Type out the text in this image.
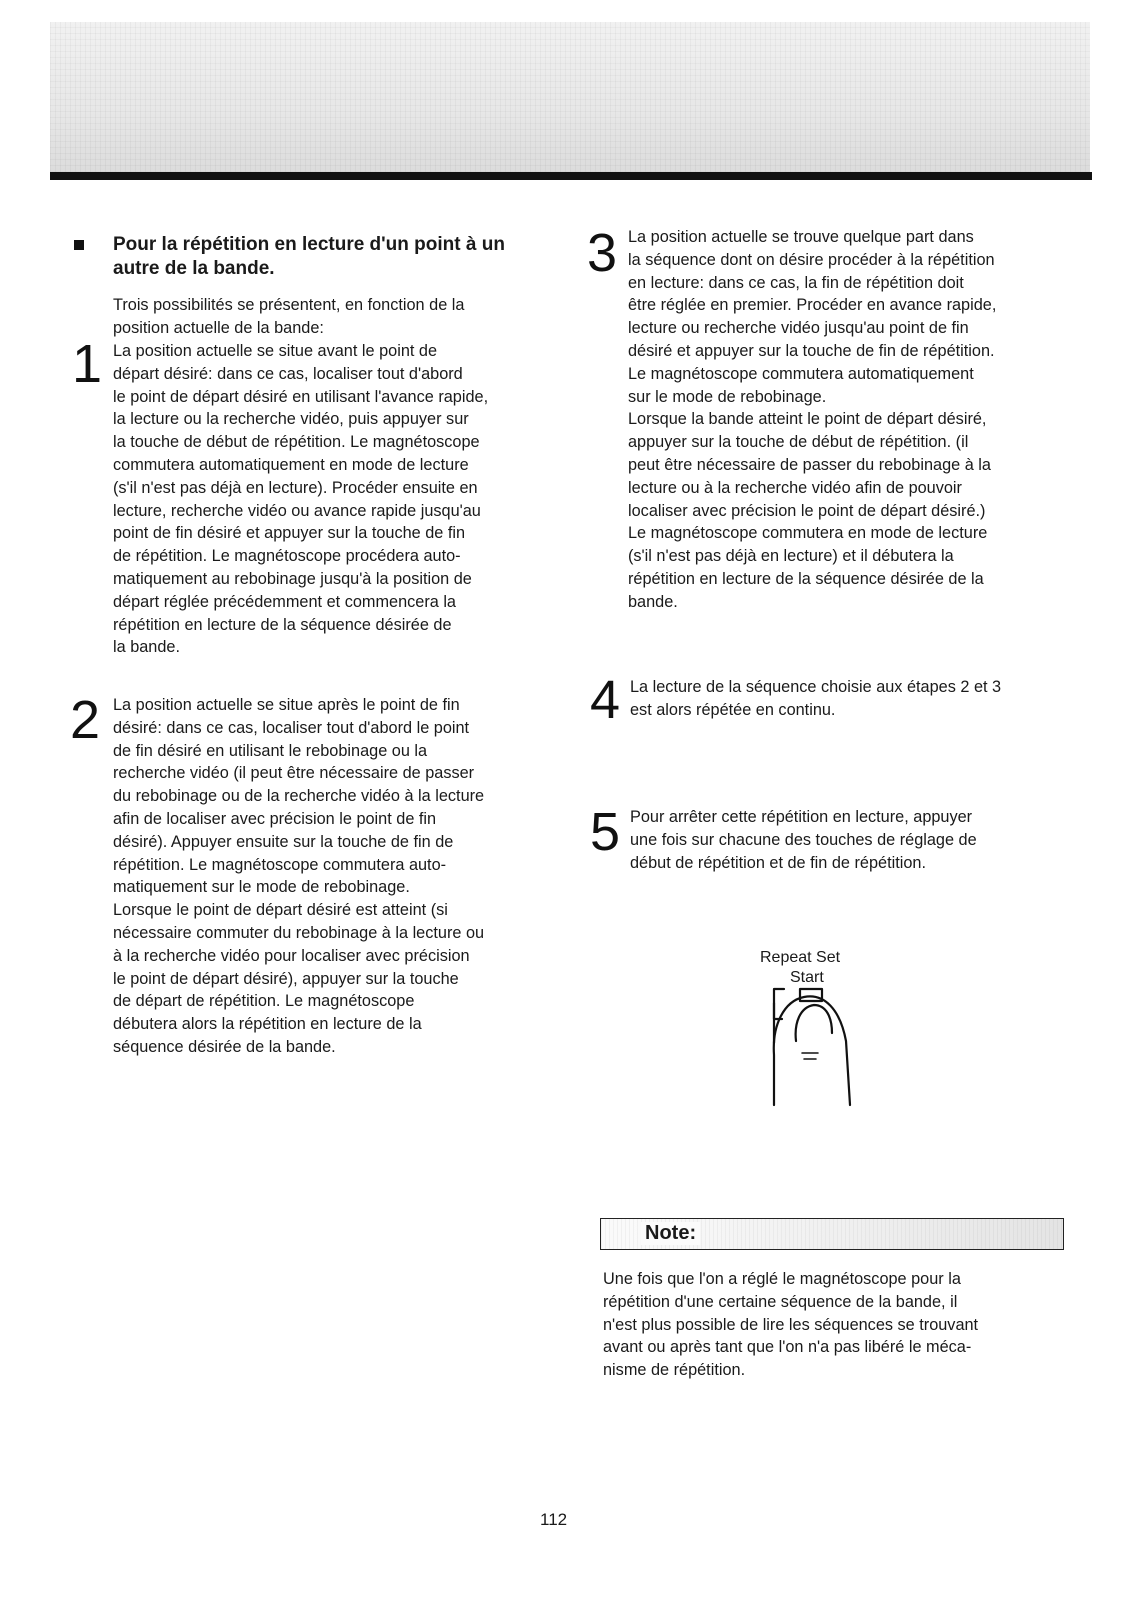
Pour la répétition en lecture d'un point à un autre de la bande.

Trois possibilités se présentent, en fonction de la

position actuelle de la bande:

1 La position actuelle se situe avant le point de

départ désiré: dans ce cas, localiser tout d'abord

le point de départ désiré en utilisant l'avance rapide,

la lecture ou la recherche vidéo, puis appuyer sur

la touche de début de répétition. Le magnétoscope

commutera automatiquement en mode de lecture

(s'il n'est pas déjà en lecture). Procéder ensuite en

lecture, recherche vidéo ou avance rapide jusqu'au

point de fin désiré et appuyer sur la touche de fin

de répétition. Le magnétoscope procédera auto-

matiquement au rebobinage jusqu'à la position de

départ réglée précédemment et commencera la

répétition en lecture de la séquence désirée de

la bande.

2 La position actuelle se situe après le point de fin

désiré: dans ce cas, localiser tout d'abord le point

de fin désiré en utilisant le rebobinage ou la

recherche vidéo (il peut être nécessaire de passer

du rebobinage ou de la recherche vidéo à la lecture

afin de localiser avec précision le point de fin

désiré). Appuyer ensuite sur la touche de fin de

répétition. Le magnétoscope commutera auto-

matiquement sur le mode de rebobinage.

Lorsque le point de départ désiré est atteint (si

nécessaire commuter du rebobinage à la lecture ou

à la recherche vidéo pour localiser avec précision

le point de départ désiré), appuyer sur la touche

de départ de répétition. Le magnétoscope

débutera alors la répétition en lecture de la

séquence désirée de la bande.

3 La position actuelle se trouve quelque part dans

la séquence dont on désire procéder à la répétition

en lecture: dans ce cas, la fin de répétition doit

être réglée en premier. Procéder en avance rapide,

lecture ou recherche vidéo jusqu'au point de fin

désiré et appuyer sur la touche de fin de répétition.

Le magnétoscope commutera automatiquement

sur le mode de rebobinage.

Lorsque la bande atteint le point de départ désiré,

appuyer sur la touche de début de répétition. (il

peut être nécessaire de passer du rebobinage à la

lecture ou à la recherche vidéo afin de pouvoir

localiser avec précision le point de départ désiré.)

Le magnétoscope commutera en mode de lecture

(s'il n'est pas déjà en lecture) et il débutera la

répétition en lecture de la séquence désirée de la

bande.

4 La lecture de la séquence choisie aux étapes 2 et 3

est alors répétée en continu.

5 Pour arrêter cette répétition en lecture, appuyer

une fois sur chacune des touches de réglage de

début de répétition et de fin de répétition.

Repeat Set
Start
Note:

Une fois que l'on a réglé le magnétoscope pour la

répétition d'une certaine séquence de la bande, il

n'est plus possible de lire les séquences se trouvant

avant ou après tant que l'on n'a pas libéré le méca-

nisme de répétition.

112
